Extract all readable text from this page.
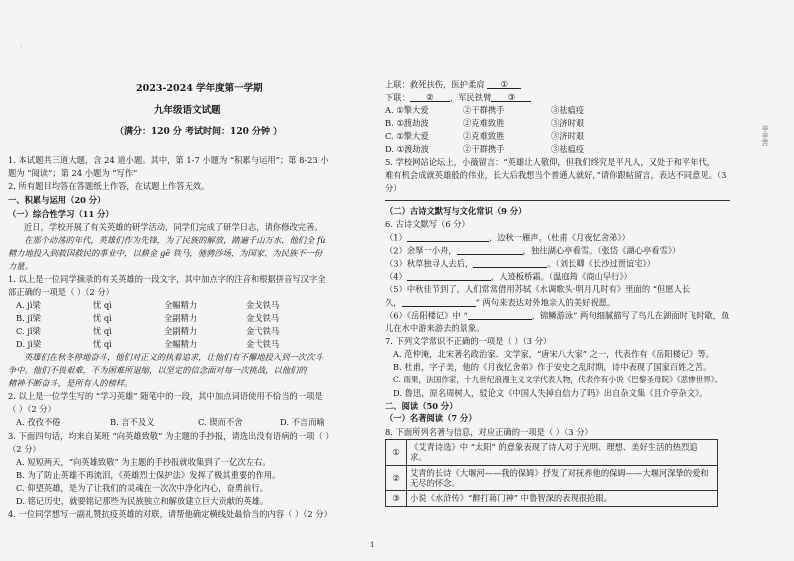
·
2023-2024 学年度第一学期
九年级语文试题
（满分：120 分 考试时间：120 分钟 ）
1. 本试题共三道大题，含 24 道小题。其中，第 1-7 小题为 “积累与运用”；第 8-23 小
题为 “阅读”；第 24 小题为 “写作”
2. 所有题目均答在答题纸上作答，在试题上作答无效。
一、积累与运用（20 分）
（一）综合性学习（11 分）
近日，学校开展了有关英雄的研学活动，同学们完成了研学日志，请你修改完善。
在那个动荡的年代，英雄们作为先锋，为了民族的解放，踏遍千山万水，他们全 fù
精力地投入到救国救民的事业中，以耕金 gē 铁马，驰骋沙场，为国家、为民族不一份
力量。
1. 以上是一位同学摘录的有关英雄的一段文字，其中加点字的注音和根据拼音写汉字全
部正确的一项是（ ）（2 分）
A. jì梁	忧 qì	全幅精力	金戈铁马
B. jǐ梁	忧 qì	全副精力	金戈铁马
C. jǐ梁	忧 qì	全副精力	金弋铁马
D. jì梁	忧 qì	全幅精力	金弋铁马
英雄们在秋冬停地奋斗，他们对正义的执着追求，让他们有不懈地投入到一次次斗
争中。他们不畏艰难，不为困难所退缩，以坚定的信念面对每一次挑战，以他们的
精神不断奋斗，是所有人的榜样。
2. 以上是一位学生写的 “学习英雄” 随笔中的一段，其中加点词语使用不恰当的一项是
（ ）（2 分）
A. 孜孜不倦	B. 言不及义	C. 锲而不舍	D. 不言而喻
3. 下面四句话，均来自某班 “向英雄致敬” 为主题的手抄报，请选出没有语病的一项（ ）
（2 分）
A. 短短两天，“向英雄致敬” 为主题的手抄报就收集到了一亿次左右。
B. 为了防止英雄不再流泪，《英雄烈士保护法》发挥了极其重要的作用。
C. 仰望英雄，是为了让我们的灵魂在一次次中净化内心，奋勇前行。
D. 铭记历史，就要铭记那些为民族独立和解放建立巨大贡献的英雄。
4. 一位同学想写一副礼赞抗疫英雄的对联，请帮他确定横线处最恰当的内容（ ）（2 分）
上联：救死扶伤，医护柔肩 ①
下联： ② ，军民铁臂 ③
A. ①擎大爱	②干群携手	③祛瘟疫
B. ①渡劫波	②克难致胜	③济时艰
C. ①擎大爱	②克难致胜	③济时艰
D. ①渡劫波	②干群携手	③祛瘟疫
5. 学校网站论坛上，小薇留言：“英雄让人敬仰，但我们终究是平凡人，又处于和平年代，
难有机会成就英雄般的伟业，长大后我想当个普通人就好，”请你跟帖留言，表达不同意见。（3
分）
（二）古诗文默写与文化常识（9 分）
6. 古诗文默写（6 分）
（1）	，边秋一雁声。（杜甫《月夜忆舍弟》）
（2）余拏一小舟，	，独往湖心亭看雪。（张岱《湖心亭看雪》）
（3）秋草独寻人去后，	。（刘长卿《长沙过贾谊宅》）
（4）	，人迹板桥霜。（温庭筠《商山早行》）
（5）中秋佳节到了，人们常常借用苏轼《水调歌头·明月几时有》里面的 “但愿人长
久，	” 两句来表达对外地亲人的美好祝愿。
（6）《岳阳楼记》中 “	，锦鳞游泳” 两句细腻描写了鸟儿在湖面时飞时歇，鱼
儿在水中游来游去的景象。
7. 下列文学常识不正确的一项是（ ）（3 分）
A. 范仲淹，北宋著名政治家、文学家，“唐宋八大家” 之一，代表作有《岳阳楼记》等。
B. 杜甫，字子美，他的《月夜忆舍弟》作于安史之乱时期，诗中表现了国家百姓之苦。
C. 雨果，法国作家，十九世纪浪漫主义文学代表人物，代表作有小说《巴黎圣母院》《悲惨世界》。
D. 鲁迅，原名周树人，驳论文《中国人失掉自信力了吗》出自杂文集《且介亭杂文》。
二、阅读（50 分）
（一）名著阅读（7 分）
8. 下面所列名著与信息，对应正确的一项是（ ）（3 分）
①	《艾青诗选》中 “太阳” 的意象表现了诗人对于光明、理想、美好生活的热烈追求。
②	艾青的长诗《大堰河——我的保姆》抒发了对抚养他的保姆——大堰河深挚的爱和无尽的怀念。
③	小说《水浒传》“醉打蒋门神” 中鲁智深的表现很抢眼。
辛辛苦
1
